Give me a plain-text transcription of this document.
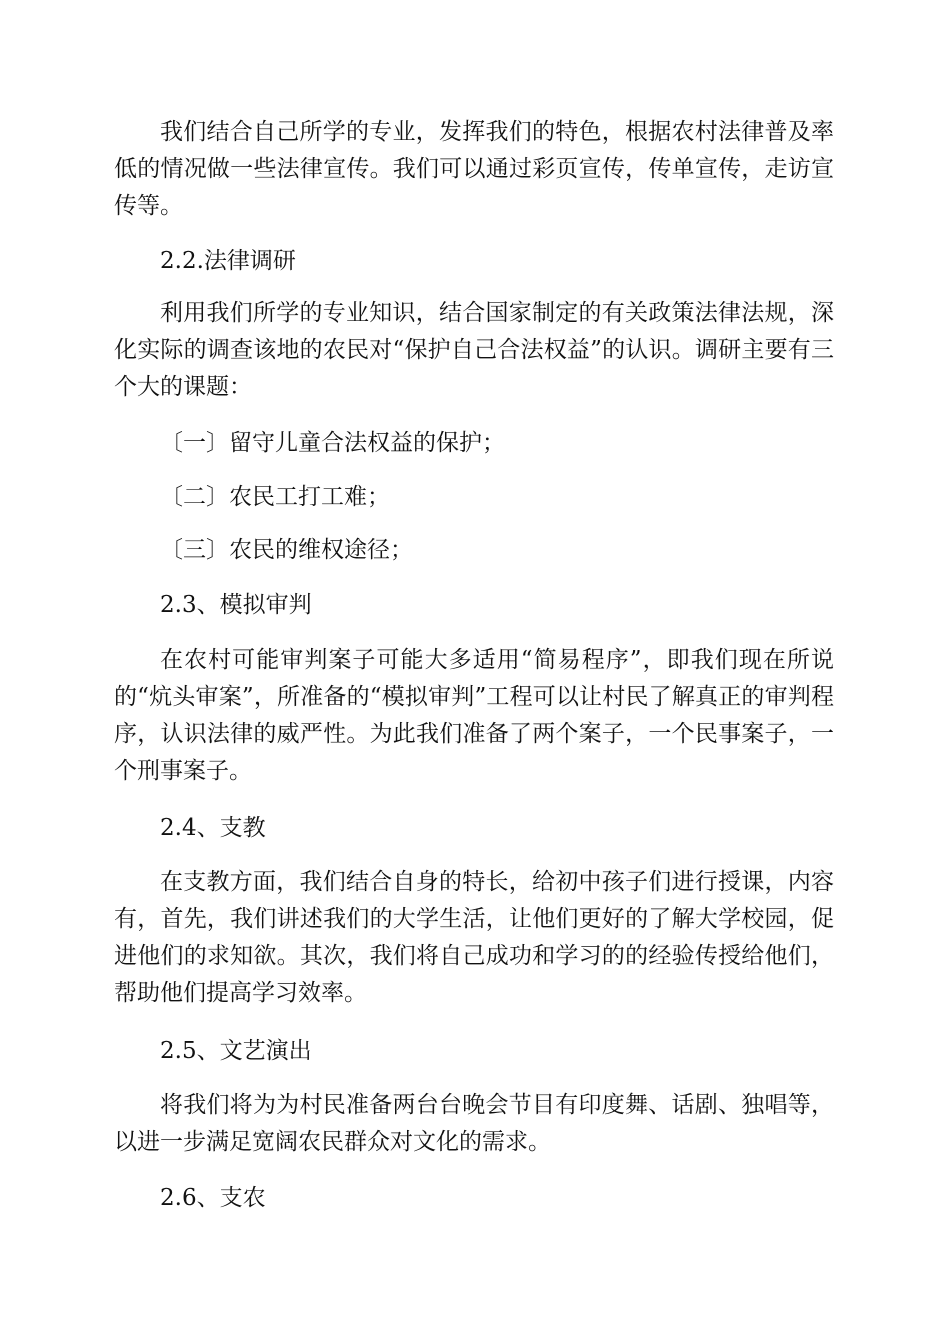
我们结合自己所学的专业，发挥我们的特色，根据农村法律普及率低的情况做一些法律宣传。我们可以通过彩页宣传，传单宣传，走访宣传等。

2.2.法律调研

利用我们所学的专业知识，结合国家制定的有关政策法律法规，深化实际的调查该地的农民对“保护自己合法权益”的认识。调研主要有三个大的课题：

〔一〕留守儿童合法权益的保护；

〔二〕农民工打工难；

〔三〕农民的维权途径；

2.3、模拟审判

在农村可能审判案子可能大多适用“简易程序”，即我们现在所说的“炕头审案”，所准备的“模拟审判”工程可以让村民了解真正的审判程序，认识法律的威严性。为此我们准备了两个案子，一个民事案子，一个刑事案子。

2.4、支教

在支教方面，我们结合自身的特长，给初中孩子们进行授课，内容有，首先，我们讲述我们的大学生活，让他们更好的了解大学校园，促进他们的求知欲。其次，我们将自己成功和学习的的经验传授给他们，帮助他们提高学习效率。

2.5、文艺演出

将我们将为为村民准备两台台晚会节目有印度舞、话剧、独唱等，以进一步满足宽阔农民群众对文化的需求。

2.6、支农
